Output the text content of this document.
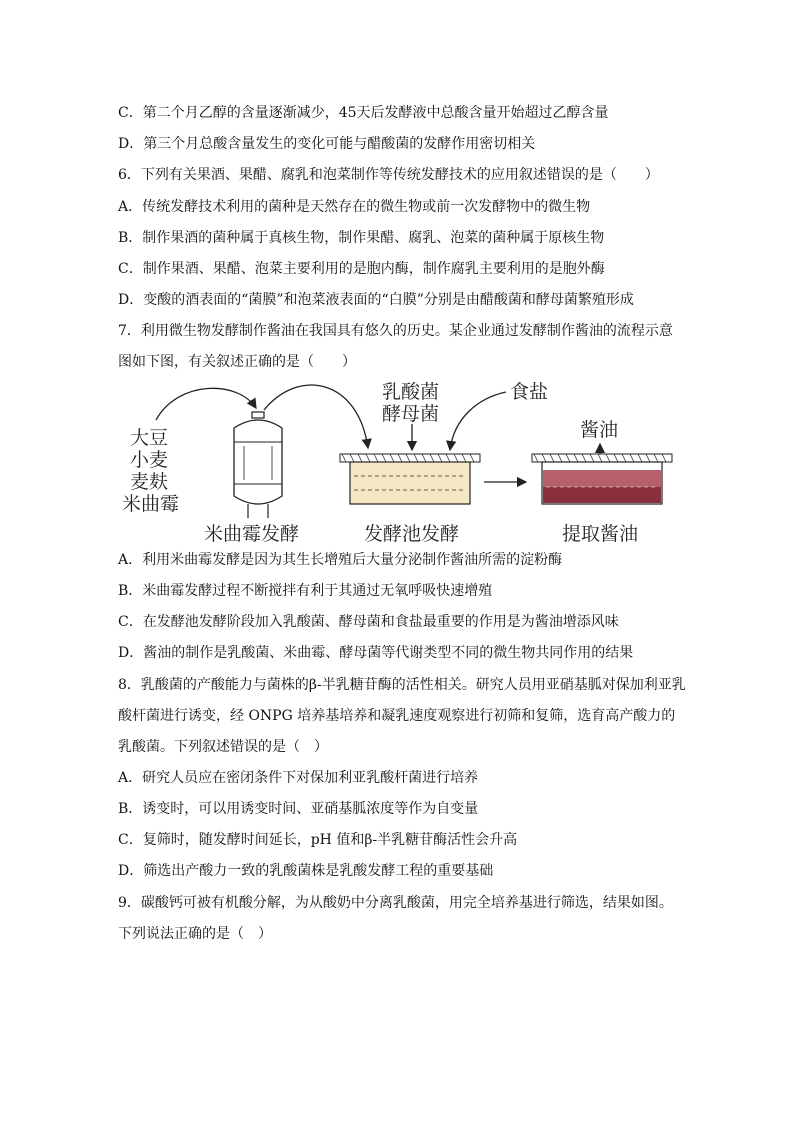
C．第二个月乙醇的含量逐渐减少，45天后发酵液中总酸含量开始超过乙醇含量
D．第三个月总酸含量发生的变化可能与醋酸菌的发酵作用密切相关
6．下列有关果酒、果醋、腐乳和泡菜制作等传统发酵技术的应用叙述错误的是（　　）
A．传统发酵技术利用的菌种是天然存在的微生物或前一次发酵物中的微生物
B．制作果酒的菌种属于真核生物，制作果醋、腐乳、泡菜的菌种属于原核生物
C．制作果酒、果醋、泡菜主要利用的是胞内酶，制作腐乳主要利用的是胞外酶
D．变酸的酒表面的“菌膜”和泡菜液表面的“白膜”分别是由醋酸菌和酵母菌繁殖形成
7．利用微生物发酵制作酱油在我国具有悠久的历史。某企业通过发酵制作酱油的流程示意
图如下图，有关叙述正确的是（　　）
大豆
小麦
麦麸
米曲霉
乳酸菌
酵母菌
食盐
酱油
米曲霉发酵	发酵池发酵	提取酱油
A．利用米曲霉发酵是因为其生长增殖后大量分泌制作酱油所需的淀粉酶
B．米曲霉发酵过程不断搅拌有利于其通过无氧呼吸快速增殖
C．在发酵池发酵阶段加入乳酸菌、酵母菌和食盐最重要的作用是为酱油增添风味
D．酱油的制作是乳酸菌、米曲霉、酵母菌等代谢类型不同的微生物共同作用的结果
8．乳酸菌的产酸能力与菌株的β-半乳糖苷酶的活性相关。研究人员用亚硝基胍对保加利亚乳
酸杆菌进行诱变，经 ONPG 培养基培养和凝乳速度观察进行初筛和复筛，选育高产酸力的
乳酸菌。下列叙述错误的是（　）
A．研究人员应在密闭条件下对保加利亚乳酸杆菌进行培养
B．诱变时，可以用诱变时间、亚硝基胍浓度等作为自变量
C．复筛时，随发酵时间延长，pH 值和β-半乳糖苷酶活性会升高
D．筛选出产酸力一致的乳酸菌株是乳酸发酵工程的重要基础
9．碳酸钙可被有机酸分解，为从酸奶中分离乳酸菌，用完全培养基进行筛选，结果如图。
下列说法正确的是（　）
